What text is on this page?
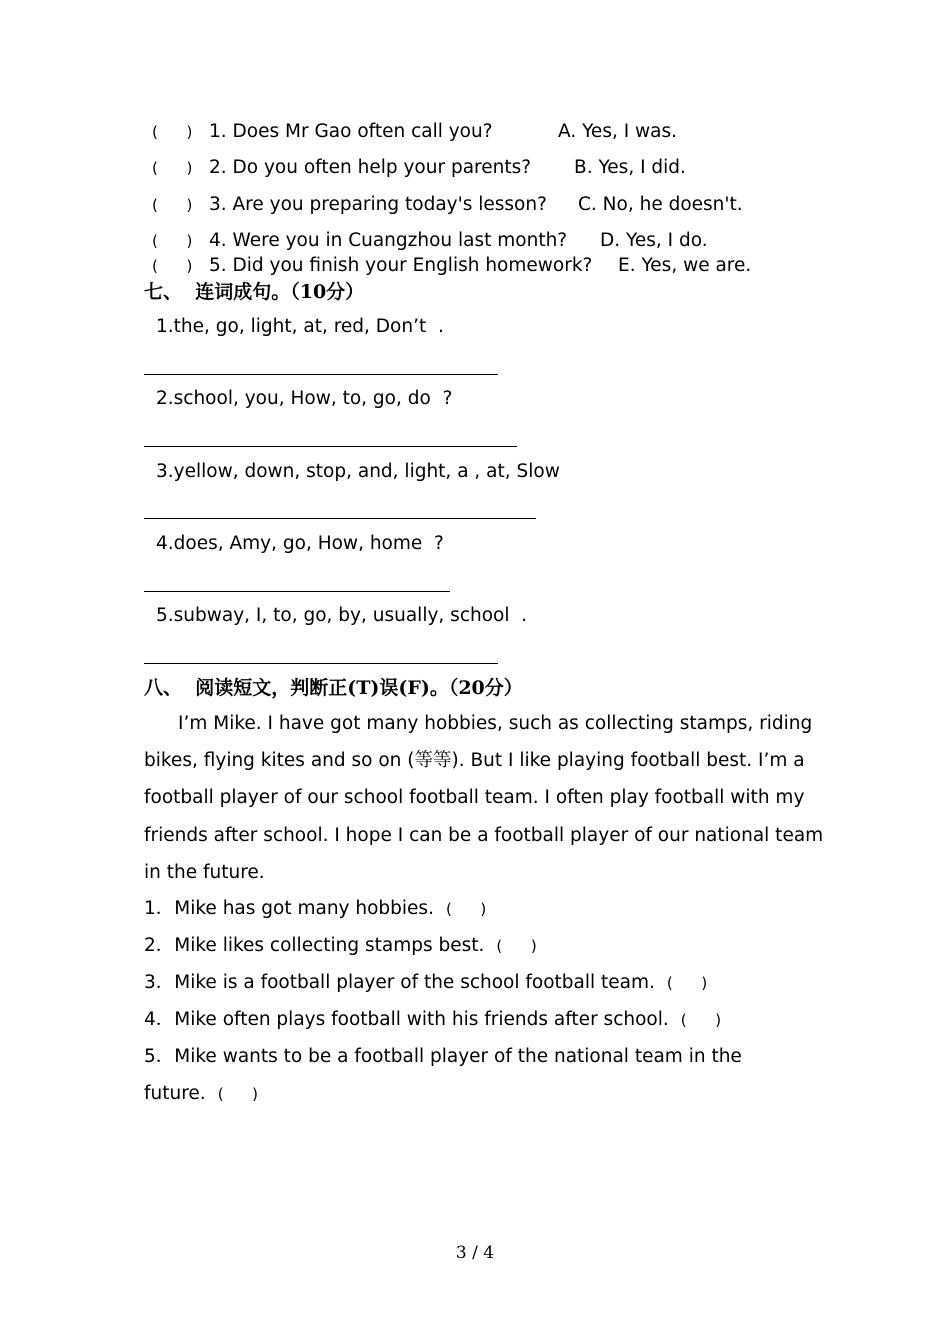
(      ) 1. Does Mr Gao often call you?	A. Yes, I was.
(      ) 2. Do you often help your parents? B. Yes, I did.
(      ) 3. Are you preparing today's lesson? C. No, he doesn't.
(      ) 4. Were you in Cuangzhou last month? D. Yes, I do.
(      ) 5. Did you finish your English homework? E. Yes, we are.
七、  连词成句。（10分）
1.the, go, light, at, red, Don’t  .
2.school, you, How, to, go, do  ?
3.yellow, down, stop, and, light, a , at, Slow
4.does, Amy, go, How, home  ?
5.subway, I, to, go, by, usually, school  .
八、  阅读短文，判断正(T)误(F)。（20分）
I’m Mike. I have got many hobbies, such as collecting stamps, riding bikes, flying kites and so on (等等). But I like playing football best. I’m a football player of our school football team. I often play football with my friends after school. I hope I can be a football player of our national team in the future.
1．Mike has got many hobbies. (      )
2．Mike likes collecting stamps best. (      )
3．Mike is a football player of the school football team. (      )
4．Mike often plays football with his friends after school. (      )
5．Mike wants to be a football player of the national team in the
future. (      )
3 / 4
